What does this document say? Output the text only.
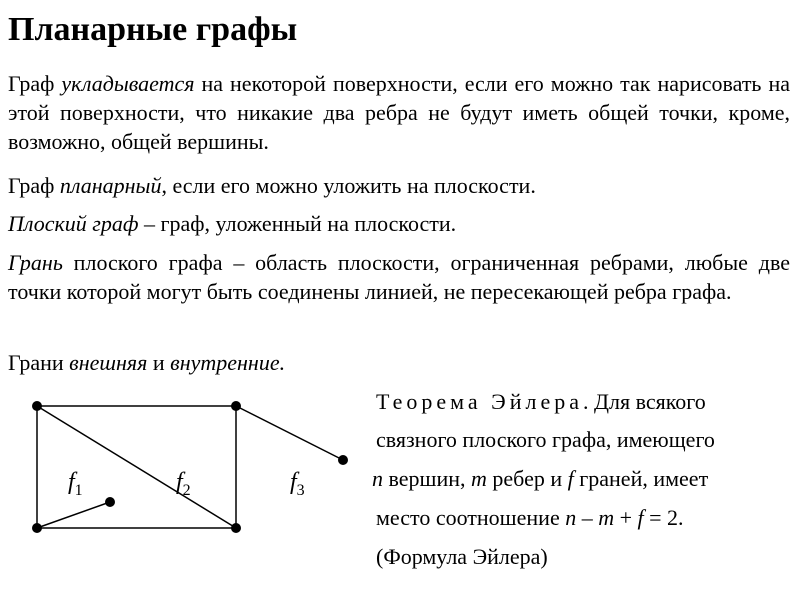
Планарные графы

Граф укладывается на некоторой поверхности, если его можно так нарисовать на этой поверхности, что никакие два ребра не будут иметь общей точки, кроме, возможно, общей вершины.

Граф планарный, если его можно уложить на плоскости.

Плоский граф – граф, уложенный на плоскости.

Грань плоского графа – область плоскости, ограниченная ребрами, любые две точки которой могут быть соединены линией, не пересекающей ребра графа.

Грани внешняя и внутренние.

Теорема Эйлера. Для всякого
связного плоского графа, имеющего
n вершин, m ребер и f граней, имеет
место соотношение n – m + f = 2.
(Формула Эйлера)
$f_1$	$f_2$	$f_3$
